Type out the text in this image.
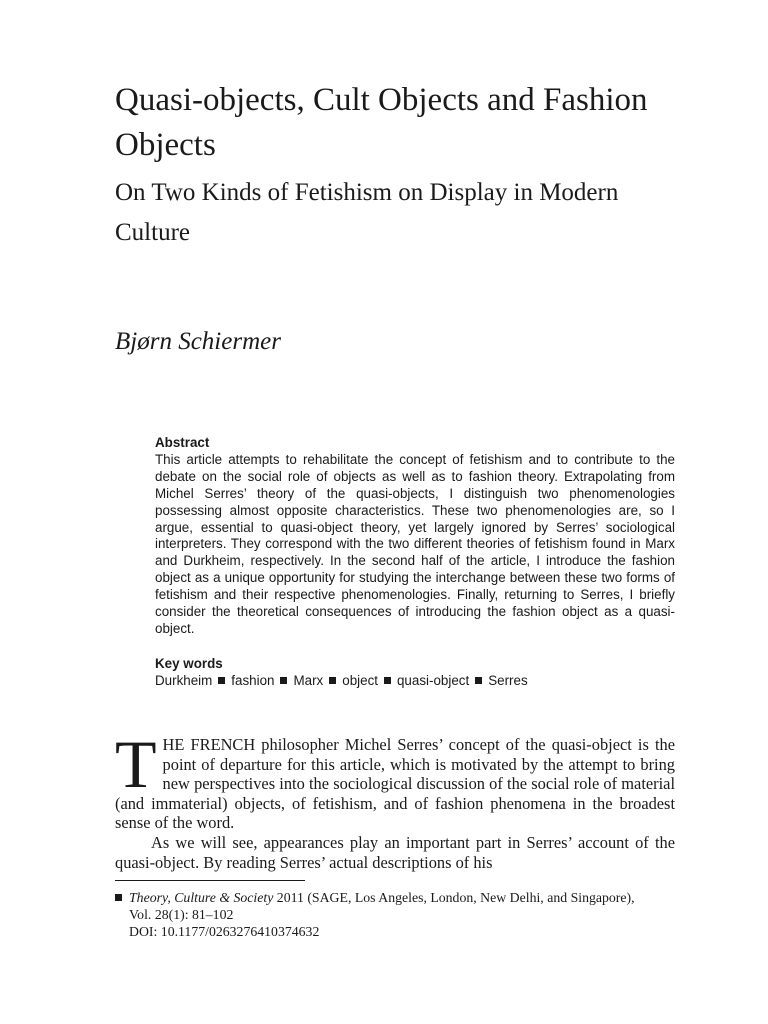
Quasi-objects, Cult Objects and Fashion Objects
On Two Kinds of Fetishism on Display in Modern Culture
Bjørn Schiermer
Abstract
This article attempts to rehabilitate the concept of fetishism and to contribute to the debate on the social role of objects as well as to fashion theory. Extrapolating from Michel Serres’ theory of the quasi-objects, I distinguish two phenomenologies possessing almost opposite characteristics. These two phenomenologies are, so I argue, essential to quasi-object theory, yet largely ignored by Serres’ sociological interpreters. They correspond with the two different theories of fetishism found in Marx and Durkheim, respectively. In the second half of the article, I introduce the fashion object as a unique opportunity for studying the interchange between these two forms of fetishism and their respective phenomenologies. Finally, returning to Serres, I briefly consider the theoretical consequences of introducing the fashion object as a quasi-object.
Key words
Durkheim fashion Marx object quasi-object Serres

THE FRENCH philosopher Michel Serres’ concept of the quasi-object is the point of departure for this article, which is motivated by the attempt to bring new perspectives into the sociological discussion of the social role of material (and immaterial) objects, of fetishism, and of fashion phenomena in the broadest sense of the word.

As we will see, appearances play an important part in Serres’ account of the quasi-object. By reading Serres’ actual descriptions of his

Theory, Culture & Society 2011 (SAGE, Los Angeles, London, New Delhi, and Singapore),
Vol. 28(1): 81–102
DOI: 10.1177/0263276410374632
